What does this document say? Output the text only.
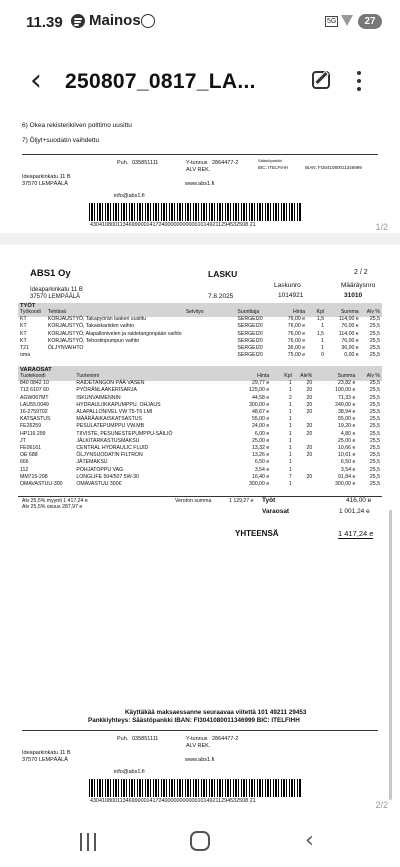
11.39 Mainos	5G	27
‹ 250807_0817_LA...
6) Okea rekisterikilven polttimo uusittu
7) Öljyt+suodatin vaihdettu
Puh. 035851111	Y-tunnus 2864477-2
ALV REK.
Säästöpankki
BIC: ITELFIHH	IBAN: FI3041080011346999
Ideaparkinkatu 11 B
37570 LEMPÄÄLÄ	www.abs1.fi
info@abs1.fi
43041080011346999001417240000000000010149211294532508 21	1/2
ABS1 Oy	LASKU	2 / 2
Laskunro	Määräysnro
Ideaparkinkatu 11 B
37570 LEMPÄÄLÄ	7.8.2025	1014921	31010
TYÖT
Työkoodi	Tehtävä	Selvitys	Suorittaja	Hinta	Kpl	Summa	Alv %
KT	KORJAUSTYÖ, Takapyörän laakeri uusittu		SERGEI20	76,00 e	1,5	114,00 e	25,5
KT	KORJAUSTYÖ, Takaiskariiden vaihto		SERGEI20	76,00 e	1	76,00 e	25,5
KT	KORJAUSTYÖ, Alapallonivelen ja raidetangonpään vaihto		SERGEI20	76,00 e	1,5	114,00 e	25,5
KT	KORJAUSTYÖ, Tehostinpumpun vaihto		SERGEI20	76,00 e	1	76,00 e	25,5
T21	ÖLJYNVAIHTO		SERGEI20	36,00 e	1	36,00 e	25,5
oma			SERGEI20	75,00 e	0	0,00 e	25,5
VARAOSAT
Tuotekoodi	Tuotenimi	Hinta	Kpl	Ale%	Summa	Alv %
840 0842 10	RAIDETANGON PÄÄ VASEN	29,77 e	1	20	23,82 e	25,5
713 6107 60	PYÖRÄNLAAKERISARJA	125,00 e	1	20	100,00 e	25,5
AGW067MT	ISKUNVAIMENNIN	44,58 e	2	20	71,33 e	25,5
LAU55.0049	HYDRAULIIKKAPUMPPU, OHJAUS	300,00 e	1	20	240,00 e	25,5
16-2759702	ALAPALLONIVEL VW T5-T6 LMI	48,67 e	1	20	38,94 e	25,5
KATSASTUS	MÄÄRÄAIKAISKATSASTUS	55,00 e	1		55,00 e	25,5
FE26259	PESULATEPUMPPU VW.MB	24,00 e	1	20	19,20 e	25,5
HP116 299	TIIVISTE, PESUNESTEPUMPPU-SÄILIÖ	6,00 e	1	20	4,80 e	25,5
JT	JÄLKITARKASTUSMAKSU	25,00 e	1		25,00 e	25,5
FE06161	CENTRAL HYDRAULIC FLUID	13,32 e	1	20	10,66 e	25,5
OE 688	ÖLJYNSUODATIN FILTRON	13,26 e	1	20	10,61 e	25,5
666	JÄTEMAKSU	6,50 e	1		6,50 e	25,5
112	POHJATOPPU VAG	3,54 e	1		3,54 e	25,5
MM715-208	LONGLIFE 504/507 5W-30	16,40 e	7	20	91,84 e	25,5
OMAVASTUU-300	OMAVASTUU 300€	300,00 e	1		300,00 e	25,5
Alv 25,5% myynti 1 417,24 e
Alv 25,5% osuus 287,97 e
Veroton summa	1 129,27 e Työt	416,00 e
Varaosat	1 001,24 e
YHTEENSÄ	1 417,24 e
Käyttäkää maksaessanne seuraavaa viitettä 101 49211 29453
Pankkiyhteys: Säästöpankki IBAN: FI3041080011346999 BIC: ITELFIHH
Puh. 035851111	Y-tunnus 2864477-2
ALV REK.
Ideaparkinkatu 11 B
37570 LEMPÄÄLÄ	www.abs1.fi
info@abs1.fi
43041080011346999001417240000000000010149211294532508 21	2/2
‹
